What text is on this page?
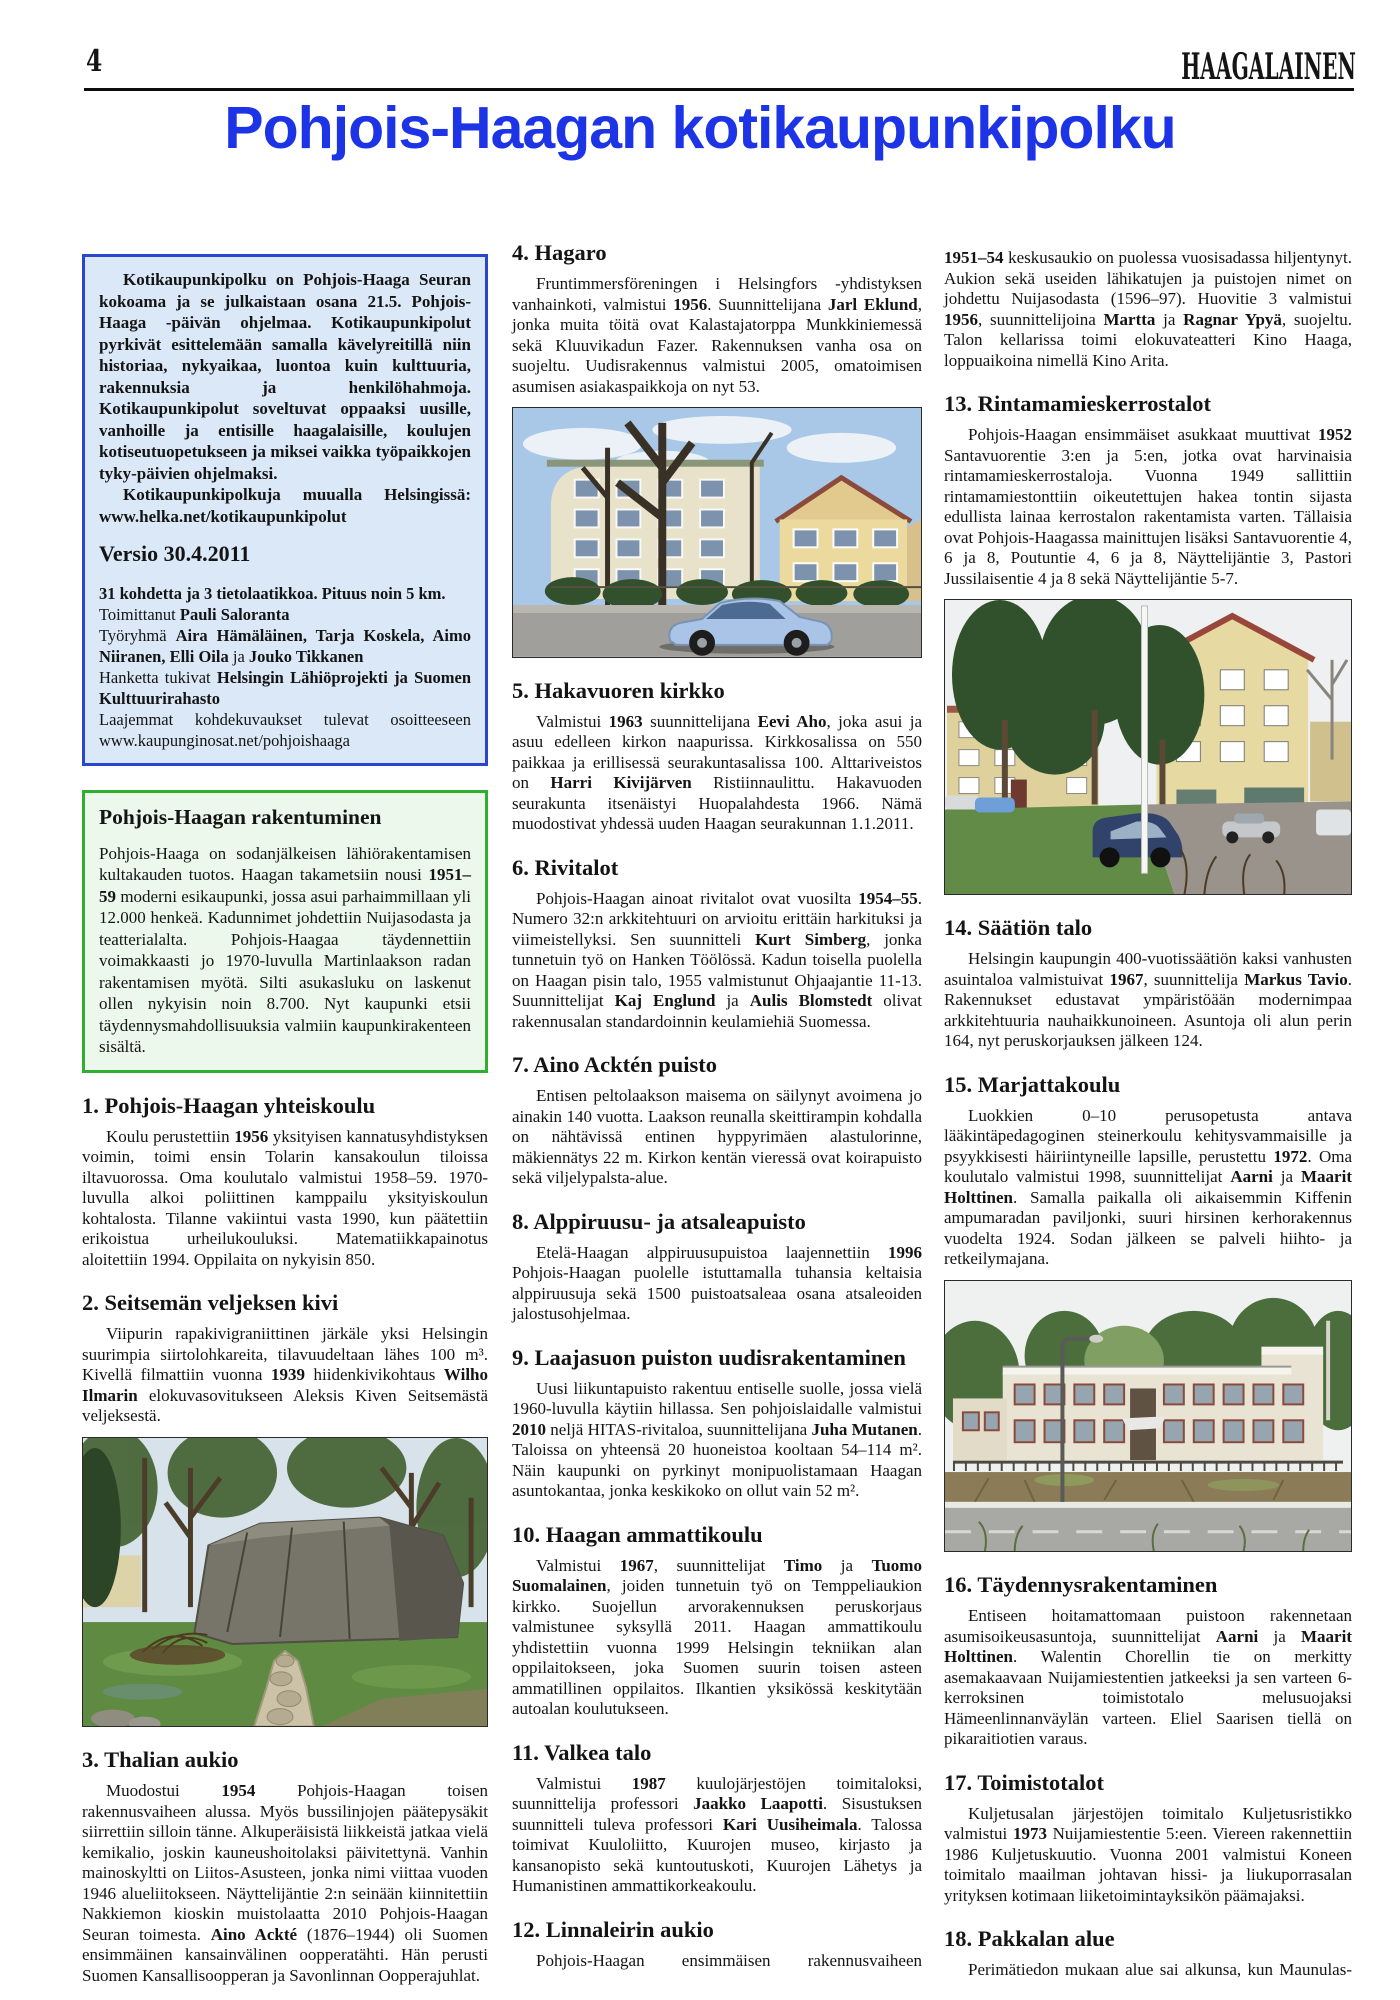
4	HAAGALAINEN
Pohjois-Haagan kotikaupunkipolku

Kotikaupunkipolku on Pohjois-Haaga Seuran kokoama ja se julkaistaan osana 21.5. Pohjois-Haaga -päivän ohjelmaa. Kotikaupunkipolut pyrkivät esittelemään samalla kävelyreitillä niin historiaa, nykyaikaa, luontoa kuin kulttuuria, rakennuksia ja henkilöhahmoja. Kotikaupunkipolut soveltuvat oppaaksi uusille, vanhoille ja entisille haagalaisille, koulujen kotiseutuopetukseen ja miksei vaikka työpaikkojen tyky-päivien ohjelmaksi.

Kotikaupunkipolkuja muualla Helsingissä: www.helka.net/kotikaupunkipolut

Versio 30.4.2011

31 kohdetta ja 3 tietolaatikkoa. Pituus noin 5 km.

Toimittanut Pauli Saloranta

Työryhmä Aira Hämäläinen, Tarja Koskela, Aimo Niiranen, Elli Oila ja Jouko Tikkanen

Hanketta tukivat Helsingin Lähiöprojekti ja Suomen Kulttuurirahasto

Laajemmat kohdekuvaukset tulevat osoitteeseen www.kaupunginosat.net/pohjoishaaga

Pohjois-Haagan rakentuminen

Pohjois-Haaga on sodanjälkeisen lähiörakentamisen kultakauden tuotos. Haagan takametsiin nousi 1951–59 moderni esikaupunki, jossa asui parhaimmillaan yli 12.000 henkeä. Kadunnimet johdettiin Nuijasodasta ja teatterialalta. Pohjois-Haagaa täydennettiin voimakkaasti jo 1970-luvulla Martinlaakson radan rakentamisen myötä. Silti asukasluku on laskenut ollen nykyisin noin 8.700. Nyt kaupunki etsii täydennysmahdollisuuksia valmiin kaupunkirakenteen sisältä.

1. Pohjois-Haagan yhteiskoulu

Koulu perustettiin 1956 yksityisen kannatusyhdistyksen voimin, toimi ensin Tolarin kansakoulun tiloissa iltavuorossa. Oma koulutalo valmistui 1958–59. 1970-luvulla alkoi poliittinen kamppailu yksityiskoulun kohtalosta. Tilanne vakiintui vasta 1990, kun päätettiin erikoistua urheilukouluksi. Matematiikkapainotus aloitettiin 1994. Oppilaita on nykyisin 850.

2. Seitsemän veljeksen kivi

Viipurin rapakivigraniittinen järkäle yksi Helsingin suurimpia siirtolohkareita, tilavuudeltaan lähes 100 m³. Kivellä filmattiin vuonna 1939 hiidenkivikohtaus Wilho Ilmarin elokuvasovitukseen Aleksis Kiven Seitsemästä veljeksestä.

3. Thalian aukio

Muodostui 1954 Pohjois-Haagan toisen rakennusvaiheen alussa. Myös bussilinjojen päätepysäkit siirrettiin silloin tänne. Alkuperäisistä liikkeistä jatkaa vielä kemikalio, joskin kauneushoitolaksi päivitettynä. Vanhin mainoskyltti on Liitos-Asusteen, jonka nimi viittaa vuoden 1946 alueliitokseen. Näyttelijäntie 2:n seinään kiinnitettiin Nakkiemon kioskin muistolaatta 2010 Pohjois-Haagan Seuran toimesta. Aino Ackté (1876–1944) oli Suomen ensimmäinen kansainvälinen oopperatähti. Hän perusti Suomen Kansallisoopperan ja Savonlinnan Oopperajuhlat.

4. Hagaro

Fruntimmersföreningen i Helsingfors -yhdistyksen vanhainkoti, valmistui 1956. Suunnittelijana Jarl Eklund, jonka muita töitä ovat Kalastajatorppa Munkkiniemessä sekä Kluuvikadun Fazer. Rakennuksen vanha osa on suojeltu. Uudisrakennus valmistui 2005, omatoimisen asumisen asiakaspaikkoja on nyt 53.

5. Hakavuoren kirkko

Valmistui 1963 suunnittelijana Eevi Aho, joka asui ja asuu edelleen kirkon naapurissa. Kirkkosalissa on 550 paikkaa ja erillisessä seurakuntasalissa 100. Alttariveistos on Harri Kivijärven Ristiinnaulittu. Hakavuoden seurakunta itsenäistyi Huopalahdesta 1966. Nämä muodostivat yhdessä uuden Haagan seurakunnan 1.1.2011.

6. Rivitalot

Pohjois-Haagan ainoat rivitalot ovat vuosilta 1954–55. Numero 32:n arkkitehtuuri on arvioitu erittäin harkituksi ja viimeistellyksi. Sen suunnitteli Kurt Simberg, jonka tunnetuin työ on Hanken Töölössä. Kadun toisella puolella on Haagan pisin talo, 1955 valmistunut Ohjaajantie 11-13. Suunnittelijat Kaj Englund ja Aulis Blomstedt olivat rakennusalan standardoinnin keulamiehiä Suomessa.

7. Aino Acktén puisto

Entisen peltolaakson maisema on säilynyt avoimena jo ainakin 140 vuotta. Laakson reunalla skeittirampin kohdalla on nähtävissä entinen hyppyrimäen alastulorinne, mäkiennätys 22 m. Kirkon kentän vieressä ovat koirapuisto sekä viljelypalsta-alue.

8. Alppiruusu- ja atsaleapuisto

Etelä-Haagan alppiruusupuistoa laajennettiin 1996 Pohjois-Haagan puolelle istuttamalla tuhansia keltaisia alppiruusuja sekä 1500 puistoatsaleaa osana atsaleoiden jalostusohjelmaa.

9. Laajasuon puiston uudisrakentaminen

Uusi liikuntapuisto rakentuu entiselle suolle, jossa vielä 1960-luvulla käytiin hillassa. Sen pohjoislaidalle valmistui 2010 neljä HITAS-rivitaloa, suunnittelijana Juha Mutanen. Taloissa on yhteensä 20 huoneistoa kooltaan 54–114 m². Näin kaupunki on pyrkinyt monipuolistamaan Haagan asuntokantaa, jonka keskikoko on ollut vain 52 m².

10. Haagan ammattikoulu

Valmistui 1967, suunnittelijat Timo ja Tuomo Suomalainen, joiden tunnetuin työ on Temppeliaukion kirkko. Suojellun arvorakennuksen peruskorjaus valmistunee syksyllä 2011. Haagan ammattikoulu yhdistettiin vuonna 1999 Helsingin tekniikan alan oppilaitokseen, joka Suomen suurin toisen asteen ammatillinen oppilaitos. Ilkantien yksikössä keskitytään autoalan koulutukseen.

11. Valkea talo

Valmistui 1987 kuulojärjestöjen toimitaloksi, suunnittelija professori Jaakko Laapotti. Sisustuksen suunnitteli tuleva professori Kari Uusiheimala. Talossa toimivat Kuuloliitto, Kuurojen museo, kirjasto ja kansanopisto sekä kuntoutuskoti, Kuurojen Lähetys ja Humanistinen ammattikorkeakoulu.

12. Linnaleirin aukio

Pohjois-Haagan ensimmäisen rakennusvaiheen

1951–54 keskusaukio on puolessa vuosisadassa hiljentynyt. Aukion sekä useiden lähikatujen ja puistojen nimet on johdettu Nuijasodasta (1596–97). Huovitie 3 valmistui 1956, suunnittelijoina Martta ja Ragnar Ypyä, suojeltu. Talon kellarissa toimi elokuvateatteri Kino Haaga, loppuaikoina nimellä Kino Arita.

13. Rintamamieskerrostalot

Pohjois-Haagan ensimmäiset asukkaat muuttivat 1952 Santavuorentie 3:en ja 5:en, jotka ovat harvinaisia rintamamieskerrostaloja. Vuonna 1949 sallittiin rintamamiestonttiin oikeutettujen hakea tontin sijasta edullista lainaa kerrostalon rakentamista varten. Tällaisia ovat Pohjois-Haagassa mainittujen lisäksi Santavuorentie 4, 6 ja 8, Poutuntie 4, 6 ja 8, Näyttelijäntie 3, Pastori Jussilaisentie 4 ja 8 sekä Näyttelijäntie 5-7.

14. Säätiön talo

Helsingin kaupungin 400-vuotissäätiön kaksi vanhusten asuintaloa valmistuivat 1967, suunnittelija Markus Tavio. Rakennukset edustavat ympäristöään modernimpaa arkkitehtuuria nauhaikkunoineen. Asuntoja oli alun perin 164, nyt peruskorjauksen jälkeen 124.

15. Marjattakoulu

Luokkien 0–10 perusopetusta antava lääkintäpedagoginen steinerkoulu kehitysvammaisille ja psyykkisesti häiriintyneille lapsille, perustettu 1972. Oma koulutalo valmistui 1998, suunnittelijat Aarni ja Maarit Holttinen. Samalla paikalla oli aikaisemmin Kiffenin ampumaradan paviljonki, suuri hirsinen kerhorakennus vuodelta 1924. Sodan jälkeen se palveli hiihto- ja retkeilymajana.

16. Täydennysrakentaminen

Entiseen hoitamattomaan puistoon rakennetaan asumisoikeusasuntoja, suunnittelijat Aarni ja Maarit Holttinen. Walentin Chorellin tie on merkitty asemakaavaan Nuijamiestentien jatkeeksi ja sen varteen 6-kerroksinen toimistotalo melusuojaksi Hämeenlinnanväylän varteen. Eliel Saarisen tiellä on pikaraitiotien varaus.

17. Toimistotalot

Kuljetusalan järjestöjen toimitalo Kuljetusristikko valmistui 1973 Nuijamiestentie 5:een. Viereen rakennettiin 1986 Kuljetuskuutio. Vuonna 2001 valmistui Koneen toimitalo maailman johtavan hissi- ja liukuporrasalan yrityksen kotimaan liiketoimintayksikön päämajaksi.

18. Pakkalan alue

Perimätiedon mukaan alue sai alkunsa, kun Maunulas-
